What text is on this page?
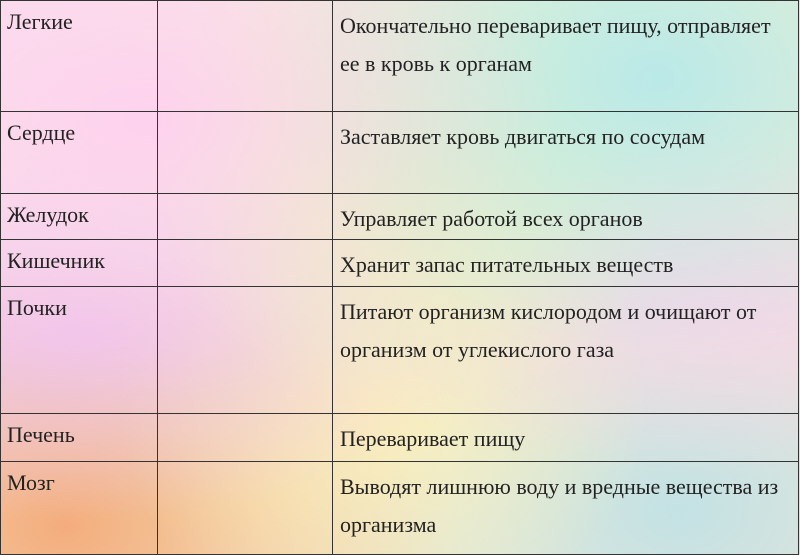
Легкие		Окончательно переваривает пищу, отправляет ее в кровь к органам
Сердце		Заставляет кровь двигаться по сосудам
Желудок		Управляет работой всех органов
Кишечник		Хранит запас питательных веществ
Почки		Питают организм кислородом и очищают от организм от углекислого газа
Печень		Переваривает пищу
Мозг		Выводят лишнюю воду и вредные вещества из организма
